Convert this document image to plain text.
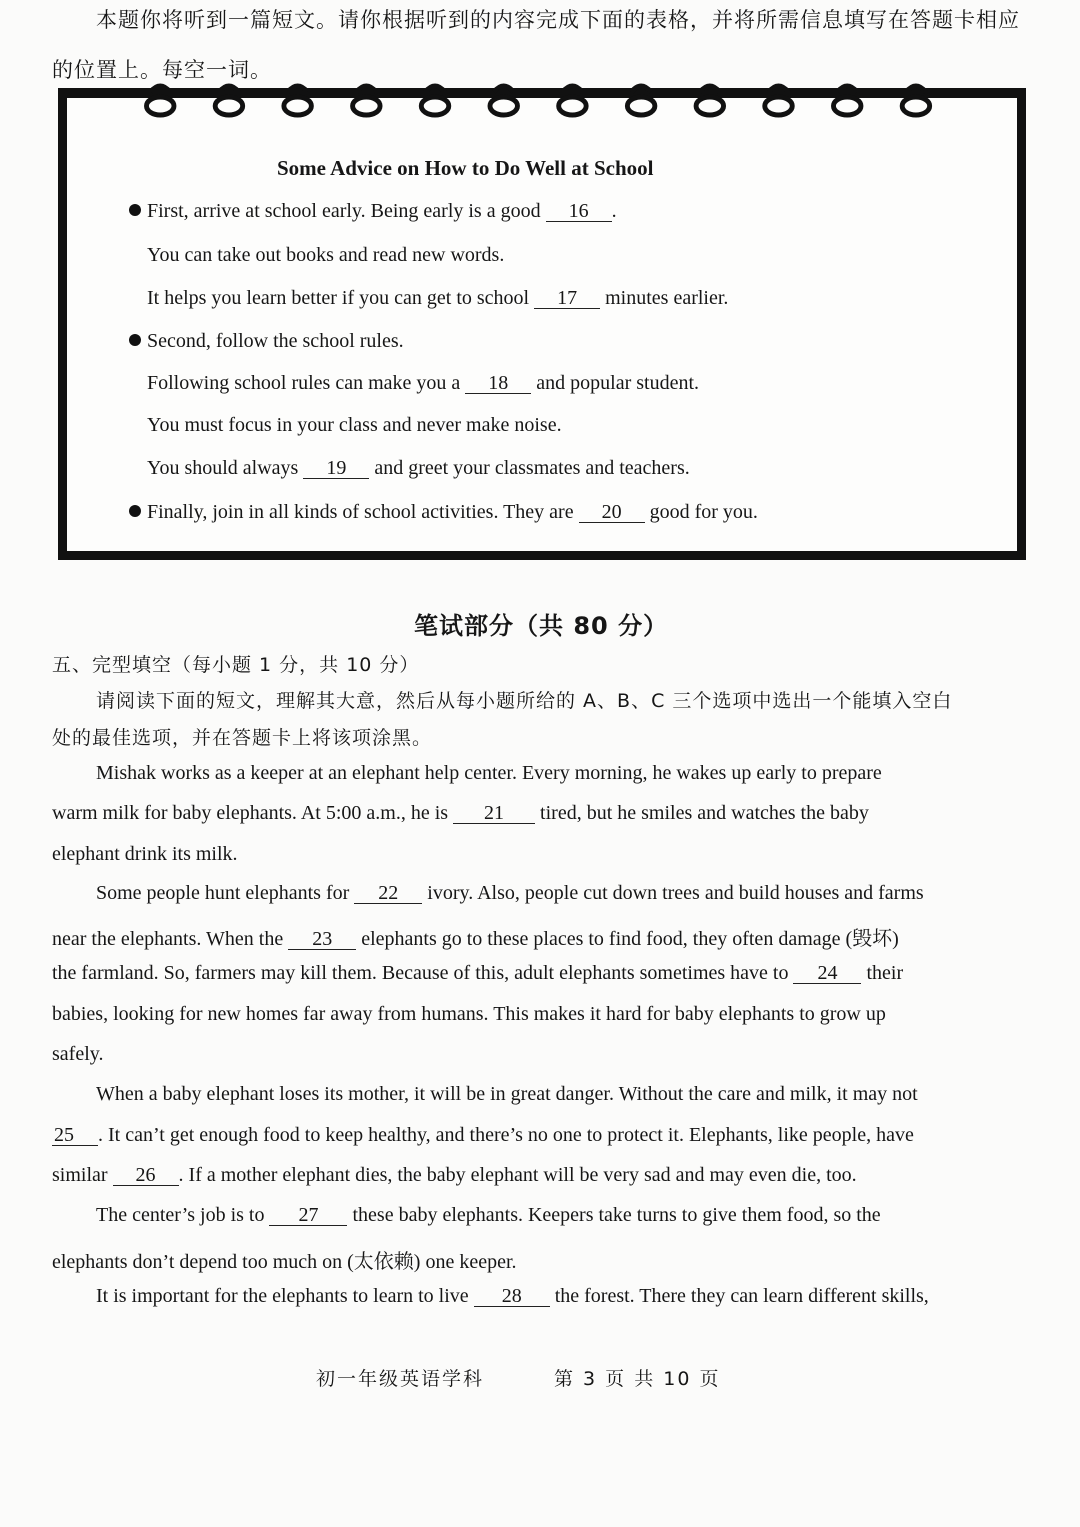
本题你将听到一篇短文。请你根据听到的内容完成下面的表格，并将所需信息填写在答题卡相应
的位置上。每空一词。
Some Advice on How to Do Well at School
First, arrive at school early. Being early is a good 16 .
You can take out books and read new words.
It helps you learn better if you can get to school 17 minutes earlier.
Second, follow the school rules.
Following school rules can make you a 18 and popular student.
You must focus in your class and never make noise.
You should always 19 and greet your classmates and teachers.
Finally, join in all kinds of school activities. They are 20 good for you.
笔试部分（共 80 分）
五、完型填空（每小题 1 分，共 10 分）
请阅读下面的短文，理解其大意，然后从每小题所给的 A、B、C 三个选项中选出一个能填入空白
处的最佳选项，并在答题卡上将该项涂黑。
Mishak works as a keeper at an elephant help center. Every morning, he wakes up early to prepare
warm milk for baby elephants. At 5:00 a.m., he is 21 tired, but he smiles and watches the baby
elephant drink its milk.
Some people hunt elephants for 22 ivory. Also, people cut down trees and build houses and farms
near the elephants. When the 23 elephants go to these places to find food, they often damage (毁坏)
the farmland. So, farmers may kill them. Because of this, adult elephants sometimes have to 24 their
babies, looking for new homes far away from humans. This makes it hard for baby elephants to grow up
safely.
When a baby elephant loses its mother, it will be in great danger. Without the care and milk, it may not
25 . It can’t get enough food to keep healthy, and there’s no one to protect it. Elephants, like people, have
similar 26 . If a mother elephant dies, the baby elephant will be very sad and may even die, too.
The center’s job is to 27 these baby elephants. Keepers take turns to give them food, so the
elephants don’t depend too much on (太依赖) one keeper.
It is important for the elephants to learn to live 28 the forest. There they can learn different skills,
初一年级英语学科	第 3 页 共 10 页
